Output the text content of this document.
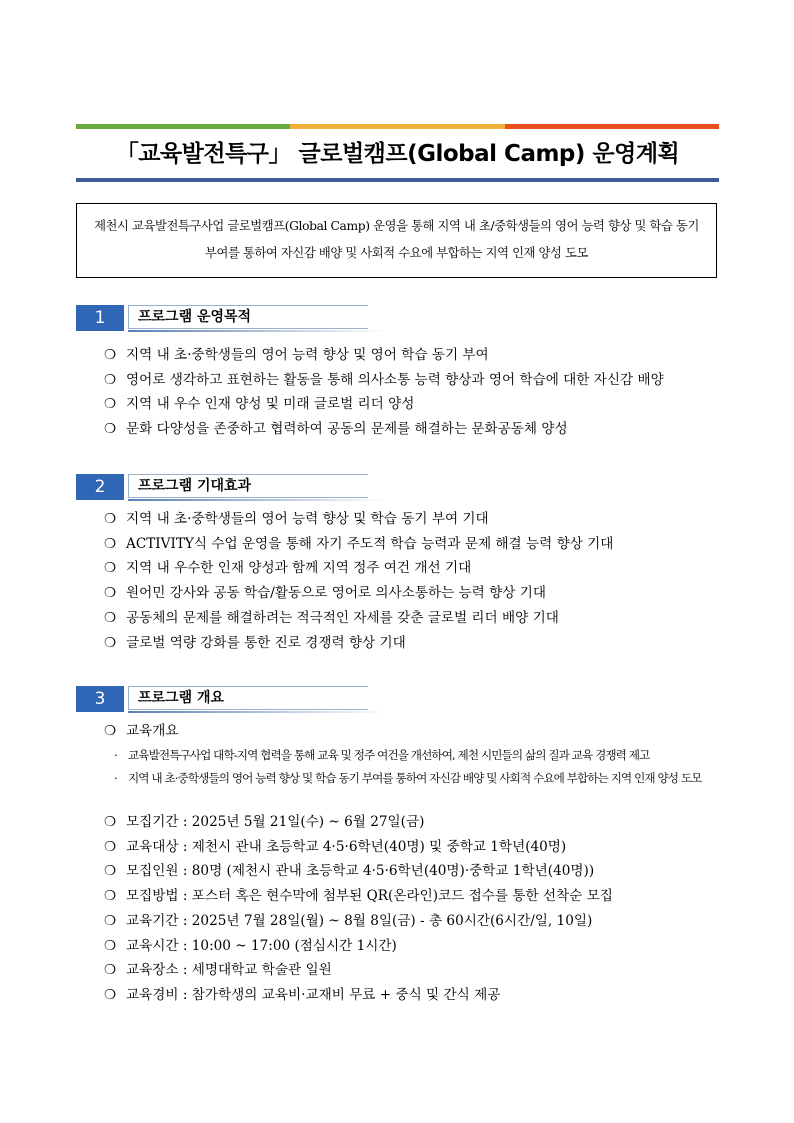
「교육발전특구」 글로벌캠프(Global Camp) 운영계획
제천시 교육발전특구사업 글로벌캠프(Global Camp) 운영을 통해 지역 내 초/중학생들의 영어 능력 향상 및 학습 동기 부여를 통하여 자신감 배양 및 사회적 수요에 부합하는 지역 인재 양성 도모
1	프로그램 운영목적
❍ 지역 내 초·중학생들의 영어 능력 향상 및 영어 학습 동기 부여
❍ 영어로 생각하고 표현하는 활동을 통해 의사소통 능력 향상과 영어 학습에 대한 자신감 배양
❍ 지역 내 우수 인재 양성 및 미래 글로벌 리더 양성
❍ 문화 다양성을 존중하고 협력하여 공동의 문제를 해결하는 문화공동체 양성
2	프로그램 기대효과
❍ 지역 내 초·중학생들의 영어 능력 향상 및 학습 동기 부여 기대
❍ ACTIVITY식 수업 운영을 통해 자기 주도적 학습 능력과 문제 해결 능력 향상 기대
❍ 지역 내 우수한 인재 양성과 함께 지역 정주 여건 개선 기대
❍ 원어민 강사와 공동 학습/활동으로 영어로 의사소통하는 능력 향상 기대
❍ 공동체의 문제를 해결하려는 적극적인 자세를 갖춘 글로벌 리더 배양 기대
❍ 글로벌 역량 강화를 통한 진로 경쟁력 향상 기대
3	프로그램 개요
❍ 교육개요
· 교육발전특구사업 대학-지역 협력을 통해 교육 및 정주 여건을 개선하여, 제천 시민들의 삶의 질과 교육 경쟁력 제고
· 지역 내 초·중학생들의 영어 능력 향상 및 학습 동기 부여를 통하여 자신감 배양 및 사회적 수요에 부합하는 지역 인재 양성 도모
❍ 모집기간 : 2025년 5월 21일(수) ~ 6월 27일(금)
❍ 교육대상 : 제천시 관내 초등학교 4·5·6학년(40명) 및 중학교 1학년(40명)
❍ 모집인원 : 80명 (제천시 관내 초등학교 4·5·6학년(40명)·중학교 1학년(40명))
❍ 모집방법 : 포스터 혹은 현수막에 첨부된 QR(온라인)코드 접수를 통한 선착순 모집
❍ 교육기간 : 2025년 7월 28일(월) ~ 8월 8일(금) - 총 60시간(6시간/일, 10일)
❍ 교육시간 : 10:00 ~ 17:00 (점심시간 1시간)
❍ 교육장소 : 세명대학교 학술관 일원
❍ 교육경비 : 참가학생의 교육비·교재비 무료 + 중식 및 간식 제공
